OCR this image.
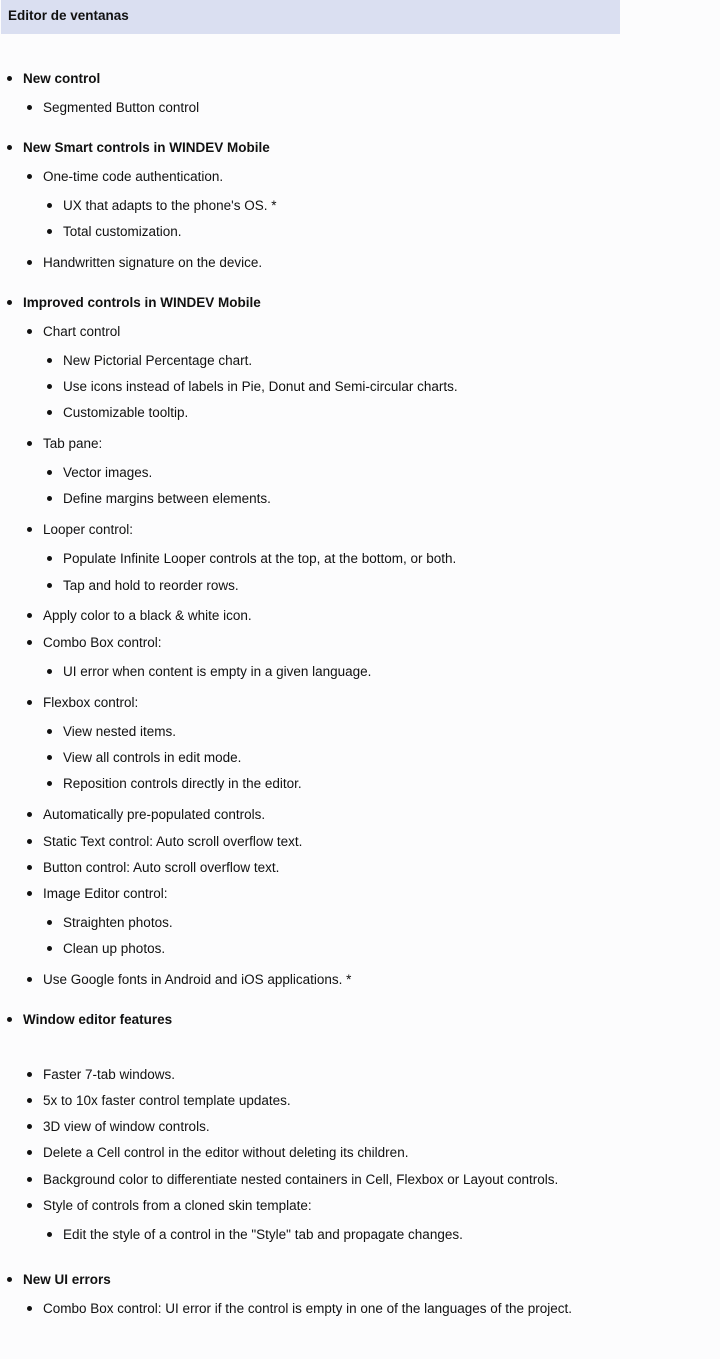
Editor de ventanas
New control
Segmented Button control
New Smart controls in WINDEV Mobile
One-time code authentication.
UX that adapts to the phone's OS. *
Total customization.
Handwritten signature on the device.
Improved controls in WINDEV Mobile
Chart control
New Pictorial Percentage chart.
Use icons instead of labels in Pie, Donut and Semi-circular charts.
Customizable tooltip.
Tab pane:
Vector images.
Define margins between elements.
Looper control:
Populate Infinite Looper controls at the top, at the bottom, or both.
Tap and hold to reorder rows.
Apply color to a black & white icon.
Combo Box control:
UI error when content is empty in a given language.
Flexbox control:
View nested items.
View all controls in edit mode.
Reposition controls directly in the editor.
Automatically pre-populated controls.
Static Text control: Auto scroll overflow text.
Button control: Auto scroll overflow text.
Image Editor control:
Straighten photos.
Clean up photos.
Use Google fonts in Android and iOS applications. *
Window editor features
Faster 7-tab windows.
5x to 10x faster control template updates.
3D view of window controls.
Delete a Cell control in the editor without deleting its children.
Background color to differentiate nested containers in Cell, Flexbox or Layout controls.
Style of controls from a cloned skin template:
Edit the style of a control in the "Style" tab and propagate changes.
New UI errors
Combo Box control: UI error if the control is empty in one of the languages of the project.
